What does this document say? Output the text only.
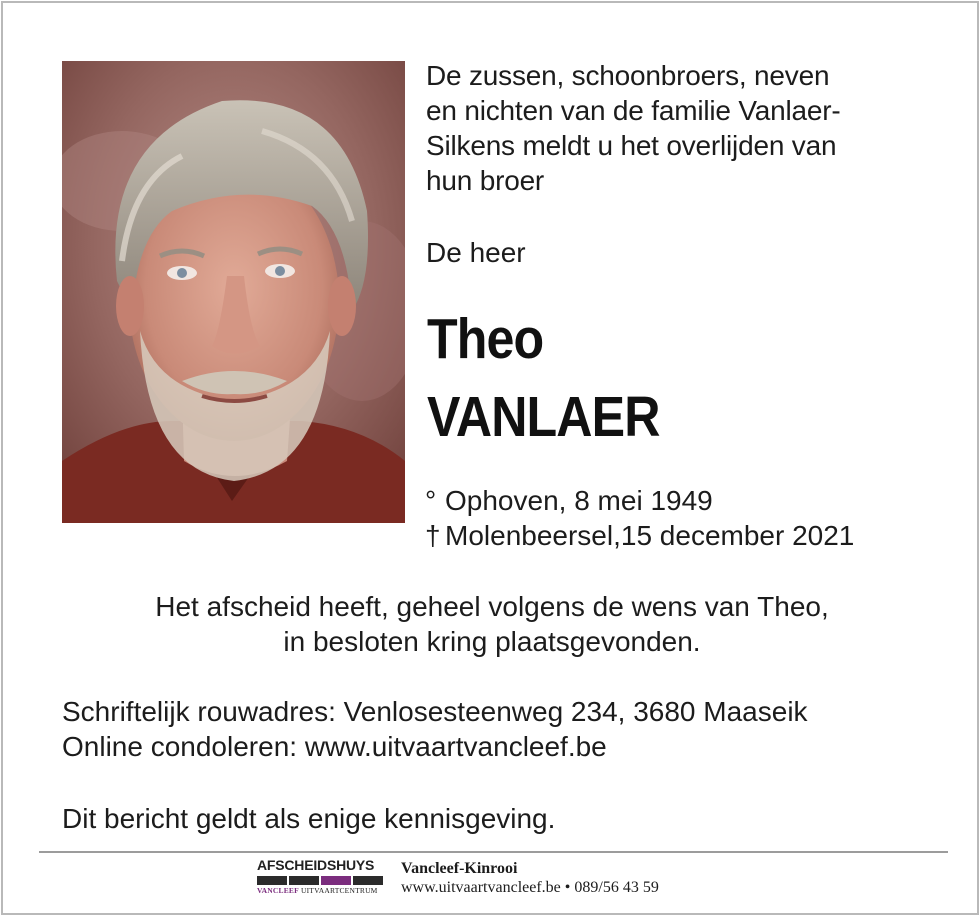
De zussen, schoonbroers, neven
en nichten van de familie Vanlaer-
Silkens meldt u het overlijden van
hun broer
De heer
Theo
VANLAER
° Ophoven, 8 mei 1949
† Molenbeersel,15 december 2021
Het afscheid heeft, geheel volgens de wens van Theo,
in besloten kring plaatsgevonden.
Schriftelijk rouwadres: Venlosesteenweg 234, 3680 Maaseik
Online condoleren: www.uitvaartvancleef.be
Dit bericht geldt als enige kennisgeving.
AFSCHEIDSHUYS
VANCLEEF UITVAARTCENTRUM
Vancleef-Kinrooi
www.uitvaartvancleef.be • 089/56 43 59
